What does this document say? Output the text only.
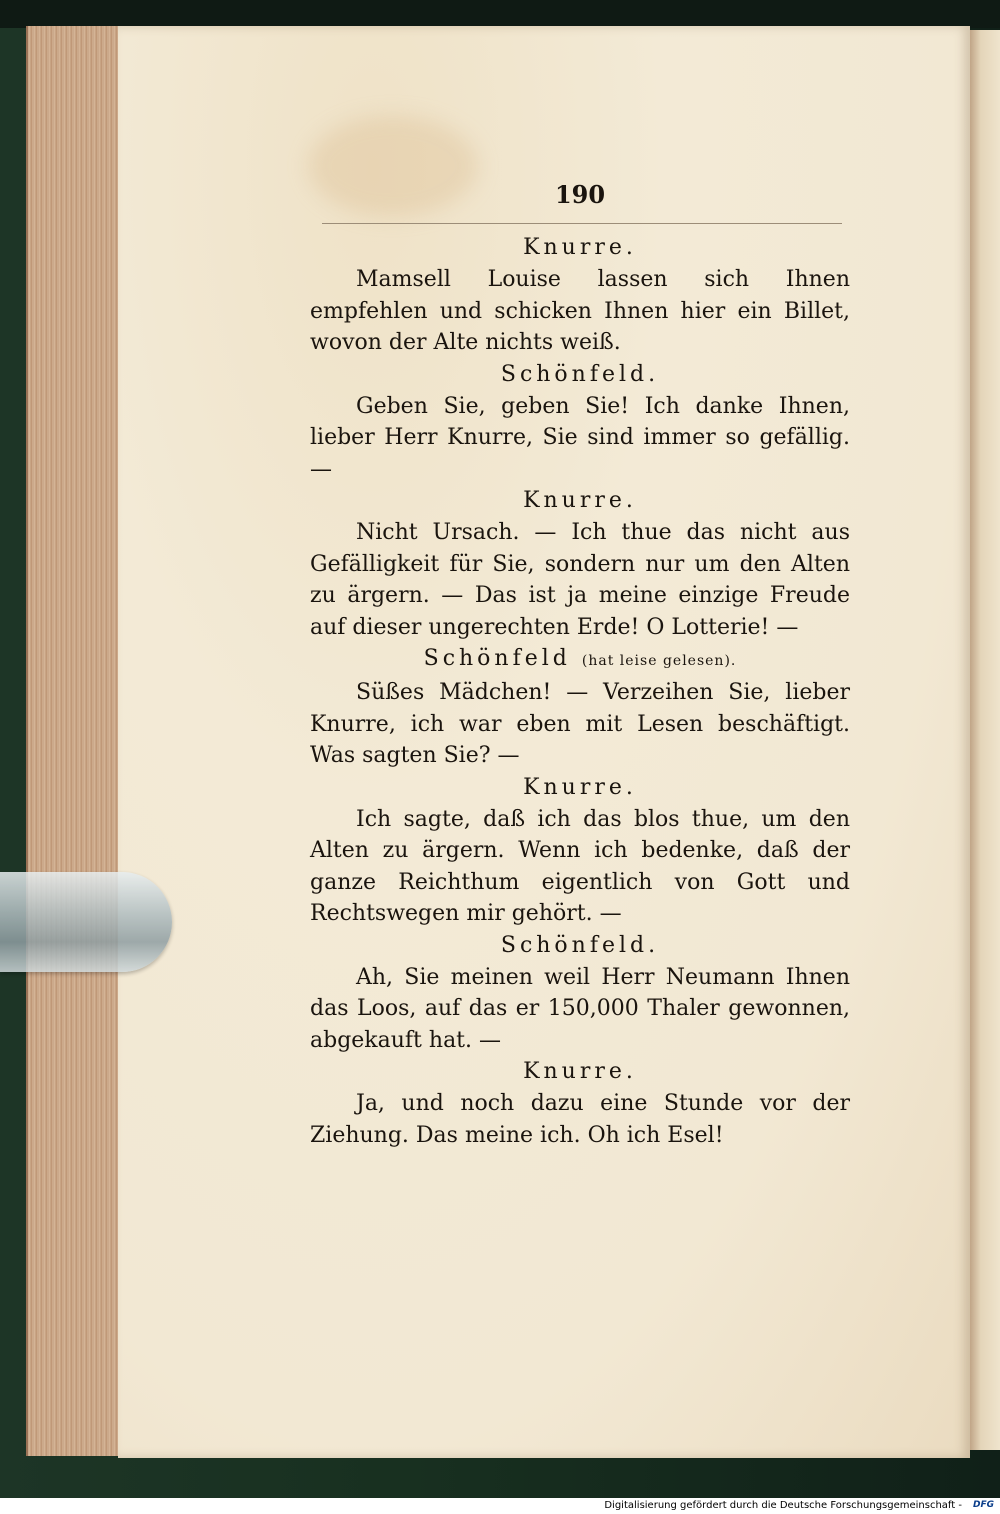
190
Knurre.

Mamsell Louise lassen sich Ihnen empfehlen und schicken Ihnen hier ein Billet, wovon der Alte nichts weiß.

Schönfeld.

Geben Sie, geben Sie! Ich danke Ihnen, lieber Herr Knurre, Sie sind immer so gefällig. —

Knurre.

Nicht Ursach. — Ich thue das nicht aus Gefälligkeit für Sie, sondern nur um den Alten zu ärgern. — Das ist ja meine einzige Freude auf dieser ungerechten Erde! O Lotterie! —

Schönfeld (hat leise gelesen).

Süßes Mädchen! — Verzeihen Sie, lieber Knurre, ich war eben mit Lesen beschäftigt. Was sagten Sie? —

Knurre.

Ich sagte, daß ich das blos thue, um den Alten zu ärgern. Wenn ich bedenke, daß der ganze Reichthum eigentlich von Gott und Rechtswegen mir gehört. —

Schönfeld.

Ah, Sie meinen weil Herr Neumann Ihnen das Loos, auf das er 150,000 Thaler gewonnen, abgekauft hat. —

Knurre.

Ja, und noch dazu eine Stunde vor der Ziehung. Das meine ich. Oh ich Esel!

Digitalisierung gefördert durch die Deutsche Forschungsgemeinschaft - DFG
